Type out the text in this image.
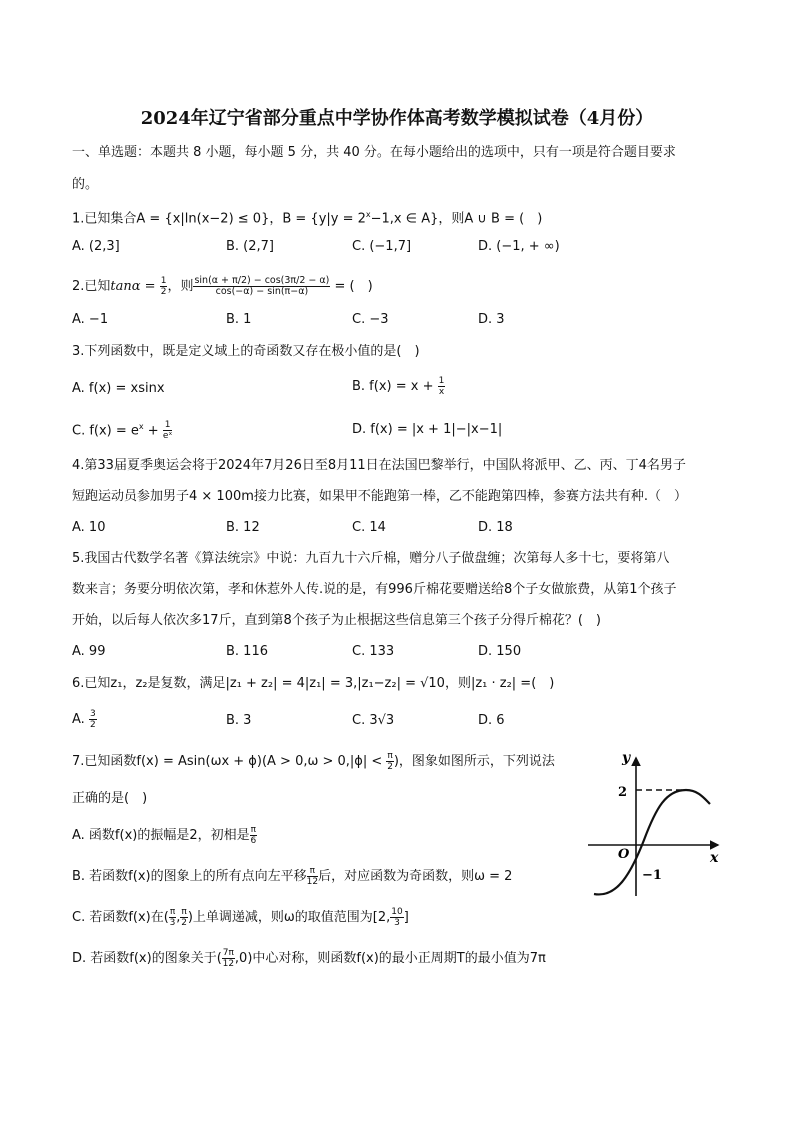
2024年辽宁省部分重点中学协作体高考数学模拟试卷（4月份）
一、单选题：本题共 8 小题，每小题 5 分，共 40 分。在每小题给出的选项中，只有一项是符合题目要求
的。
1.已知集合A = {x|ln(x−2) ≤ 0}，$B = \{y|y = 2^x-1,x$ ∈ A}，则A ∪ B = (　)
A. (2,3]	B. (2,7]	C. (−1,7]	D. (−1, + ∞)
2.已知$\tan\alpha = \frac{1}{2}$ ，则 $\frac{\sin(\alpha + \pi/2) - \cos(3\pi/2 - \alpha)}{\cos(-\alpha) - \sin(\pi-\alpha)}$ = (　)
A. −1	B. 1	C. −3	D. 3
3.下列函数中，既是定义域上的奇函数又存在极小值的是(　)
A. f(x) = xsinx	B. $f(x) = x + \frac{1}{x}$
C. $f(x) = e^x + \frac{1}{\text{eˣ}}$	D. f(x) = |x + 1|−|x−1|
4.第33届夏季奥运会将于2024年7月26日至8月11日在法国巴黎举行，中国队将派甲、乙、丙、丁4名男子
短跑运动员参加男子4 × 100m接力比赛，如果甲不能跑第一棒，乙不能跑第四棒，参赛方法共有种.（　）
A. 10	B. 12	C. 14	D. 18
5.我国古代数学名著《算法统宗》中说：九百九十六斤棉，赠分八子做盘缠；次第每人多十七，要将第八
数来言；务要分明依次第，孝和休惹外人传.说的是，有996斤棉花要赠送给8个子女做旅费，从第1个孩子
开始，以后每人依次多17斤，直到第8个孩子为止根据这些信息第三个孩子分得斤棉花？(　)
A. 99	B. 116	C. 133	D. 150
6.已知z₁，z₂是复数，满足|z₁ + z₂| = 4|z₁| = 3,|z₁−z₂| = √10，则|z₁ · z₂| =(　)
A. $\frac{3}{2}$	B. 3	C. 3√3	D. 6
7.已知函数$f(x) = Asin(\omega x + \phi)(A > 0,\omega > 0,|\phi| < \frac{\pi}{2}$ )，图象如图所示，下列说法
正确的是(　)
A. 函数f(x)的振幅是2，初相是 $\frac{\pi}{6}$
B. 若函数f(x)的图象上的所有点向左平移 $\frac{\pi}{12}$ 后，对应函数为奇函数，则ω = 2
C. 若函数f(x)在( $\frac{\pi}{3}$ , $\frac{\pi}{2}$ )上单调递减，则ω的取值范围为[2, $\frac{10}{3}$ ]
D. 若函数f(x)的图象关于( $\frac{7\pi}{12} ,0$)中心对称，则函数f(x)的最小正周期T的最小值为7π
y
x
O
2
−1
